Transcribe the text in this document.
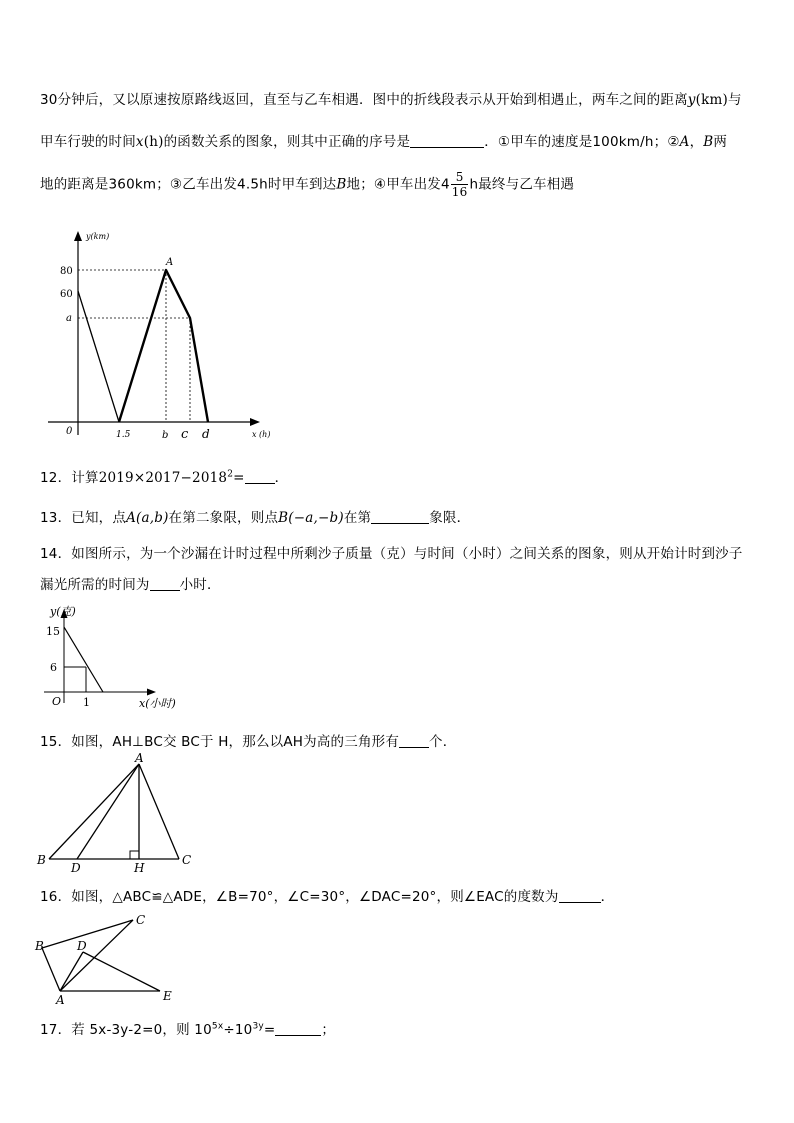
30分钟后，又以原速按原路线返回，直至与乙车相遇．图中的折线段表示从开始到相遇止，两车之间的距离y(km)与
甲车行驶的时间x(h)的函数关系的图象，则其中正确的序号是	．①甲车的速度是100km/h；②A，B两
地的距离是360km；③乙车出发4.5h时甲车到达B地；④甲车出发$4 \frac{5}{16}$ h最终与乙车相遇
y(km)
x (h)
0
80
60
a
A
1.5	b c d
12．计算$2019\times 2017-2018^2=$ ．
13．已知，点A(a,b)在第二象限，则点B(−a,−b)在第	象限．
14．如图所示，为一个沙漏在计时过程中所剩沙子质量（克）与时间（小时）之间关系的图象，则从开始计时到沙子
漏光所需的时间为 小时．
y(克)
x(小时)
O
15
6
1
15．如图，AH⊥BC交 BC于 H，那么以AH为高的三角形有 个．
A
B
D	H
C
16．如图，△ABC≌△ADE，∠B=70°，∠C=30°，∠DAC=20°，则∠EAC的度数为	．
C
B	D
A	E
17．若 5x-3y-2=0，则 $10^{5x}\div 10^{3y}=$	；
